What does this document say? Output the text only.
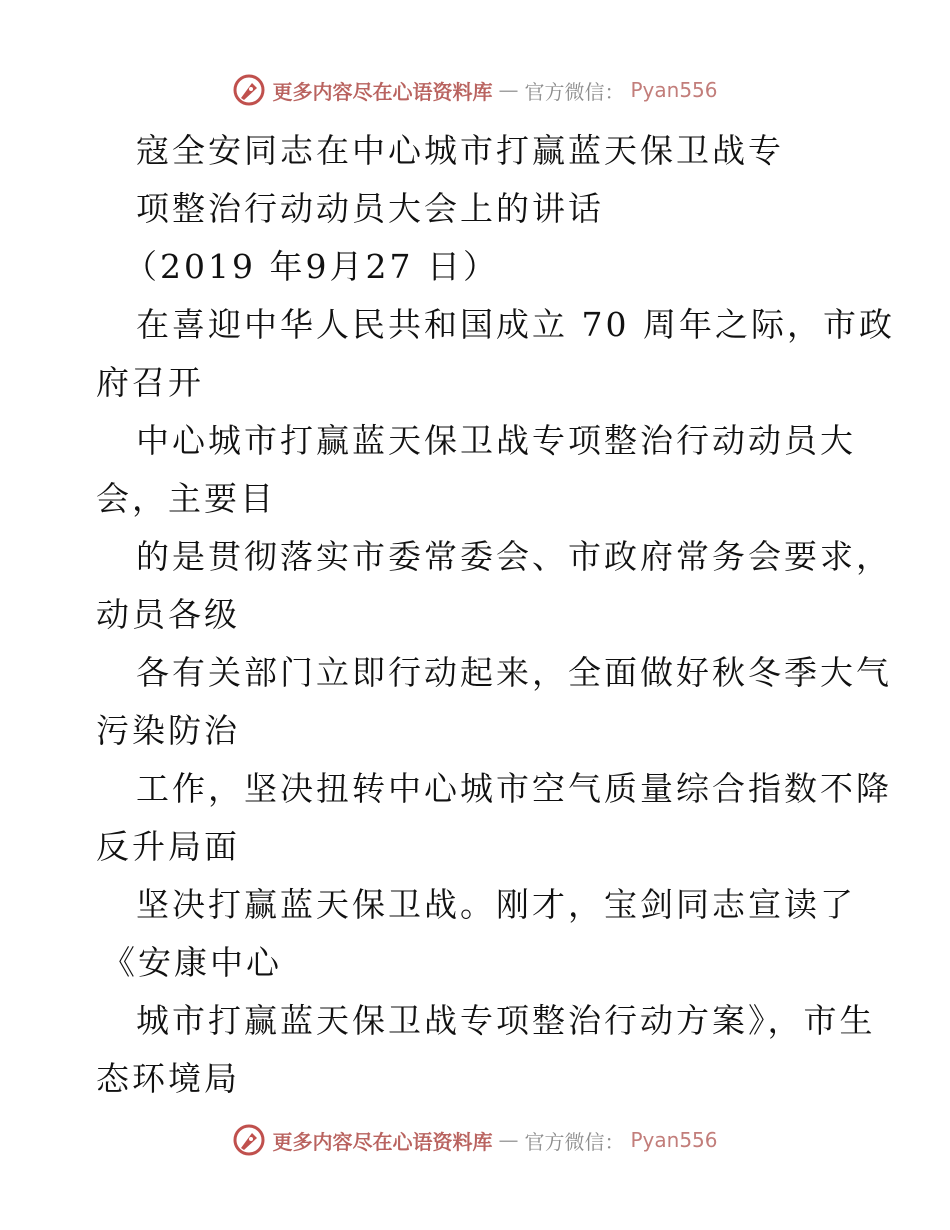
更多内容尽在心语资料库 — 官方微信： Pyan556
寇全安同志在中心城市打赢蓝天保卫战专
项整治行动动员大会上的讲话
（2019 年9月27 日）
在喜迎中华人民共和国成立 70 周年之际，市政
府召开
中心城市打赢蓝天保卫战专项整治行动动员大
会，主要目
的是贯彻落实市委常委会、市政府常务会要求，
动员各级
各有关部门立即行动起来，全面做好秋冬季大气
污染防治
工作，坚决扭转中心城市空气质量综合指数不降
反升局面
坚决打赢蓝天保卫战。刚才，宝剑同志宣读了
《安康中心
城市打赢蓝天保卫战专项整治行动方案》，市生
态环境局
更多内容尽在心语资料库 — 官方微信： Pyan556
